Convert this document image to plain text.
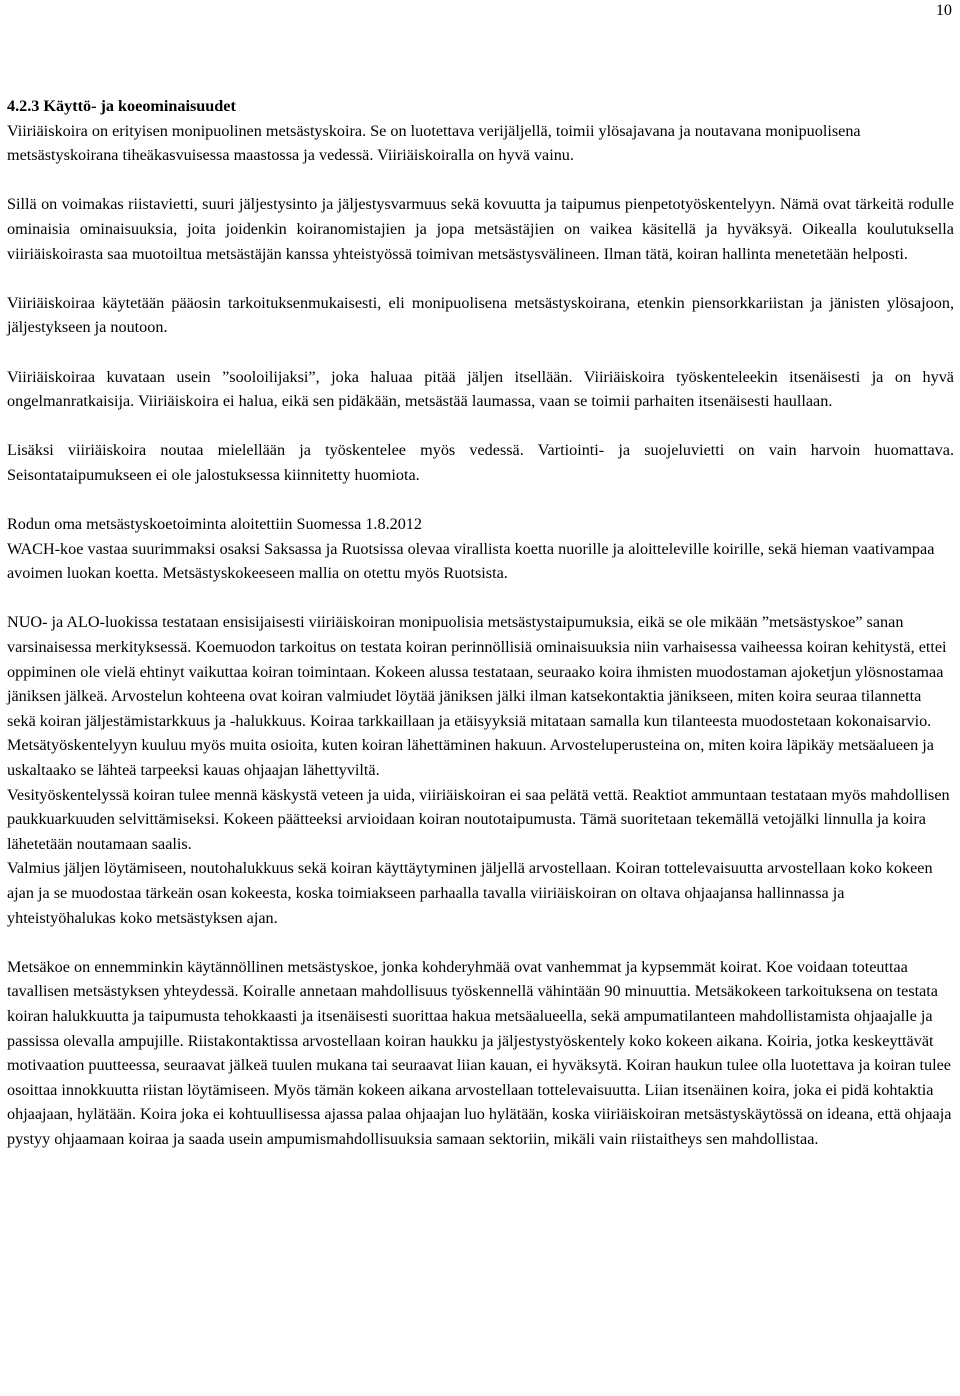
10

4.2.3 Käyttö- ja koeominaisuudet

Viiriäiskoira on erityisen monipuolinen metsästyskoira. Se on luotettava verijäljellä, toimii ylösajavana ja noutavana monipuolisena metsästyskoirana tiheäkasvuisessa maastossa ja vedessä. Viiriäiskoiralla on hyvä vainu.

Sillä on voimakas riistavietti, suuri jäljestysinto ja jäljestysvarmuus sekä kovuutta ja taipumus pienpetotyöskentelyyn. Nämä ovat tärkeitä rodulle ominaisia ominaisuuksia, joita joidenkin koiranomistajien ja jopa metsästäjien on vaikea käsitellä ja hyväksyä. Oikealla koulutuksella viiriäiskoirasta saa muotoiltua metsästäjän kanssa yhteistyössä toimivan metsästysvälineen. Ilman tätä, koiran hallinta menetetään helposti.

Viiriäiskoiraa käytetään pääosin tarkoituksenmukaisesti, eli monipuolisena metsästyskoirana, etenkin piensorkkariistan ja jänisten ylösajoon, jäljestykseen ja noutoon.

Viiriäiskoiraa kuvataan usein ”sooloilijaksi”, joka haluaa pitää jäljen itsellään. Viiriäiskoira työskenteleekin itsenäisesti ja on hyvä ongelmanratkaisija. Viiriäiskoira ei halua, eikä sen pidäkään, metsästää laumassa, vaan se toimii parhaiten itsenäisesti haullaan.

Lisäksi viiriäiskoira noutaa mielellään ja työskentelee myös vedessä. Vartiointi- ja suojeluvietti on vain harvoin huomattava. Seisontataipumukseen ei ole jalostuksessa kiinnitetty huomiota.

Rodun oma metsästyskoetoiminta aloitettiin Suomessa 1.8.2012

WACH-koe vastaa suurimmaksi osaksi Saksassa ja Ruotsissa olevaa virallista koetta nuorille ja aloitteleville koirille, sekä hieman vaativampaa avoimen luokan koetta. Metsästyskokeeseen mallia on otettu myös Ruotsista.

NUO- ja ALO-luokissa testataan ensisijaisesti viiriäiskoiran monipuolisia metsästystaipumuksia, eikä se ole mikään ”metsästyskoe” sanan varsinaisessa merkityksessä. Koemuodon tarkoitus on testata koiran perinnöllisiä ominaisuuksia niin varhaisessa vaiheessa koiran kehitystä, ettei oppiminen ole vielä ehtinyt vaikuttaa koiran toimintaan. Kokeen alussa testataan, seuraako koira ihmisten muodostaman ajoketjun ylösnostamaa jäniksen jälkeä. Arvostelun kohteena ovat koiran valmiudet löytää jäniksen jälki ilman katsekontaktia jänikseen, miten koira seuraa tilannetta sekä koiran jäljestämistarkkuus ja -halukkuus. Koiraa tarkkaillaan ja etäisyyksiä mitataan samalla kun tilanteesta muodostetaan kokonaisarvio.

Metsätyöskentelyyn kuuluu myös muita osioita, kuten koiran lähettäminen hakuun. Arvosteluperusteina on, miten koira läpikäy metsäalueen ja uskaltaako se lähteä tarpeeksi kauas ohjaajan lähettyviltä.

Vesityöskentelyssä koiran tulee mennä käskystä veteen ja uida, viiriäiskoiran ei saa pelätä vettä. Reaktiot ammuntaan testataan myös mahdollisen paukkuarkuuden selvittämiseksi. Kokeen päätteeksi arvioidaan koiran noutotaipumusta. Tämä suoritetaan tekemällä vetojälki linnulla ja koira lähetetään noutamaan saalis.

Valmius jäljen löytämiseen, noutohalukkuus sekä koiran käyttäytyminen jäljellä arvostellaan. Koiran tottelevaisuutta arvostellaan koko kokeen ajan ja se muodostaa tärkeän osan kokeesta, koska toimiakseen parhaalla tavalla viiriäiskoiran on oltava ohjaajansa hallinnassa ja yhteistyöhalukas koko metsästyksen ajan.

Metsäkoe on ennemminkin käytännöllinen metsästyskoe, jonka kohderyhmää ovat vanhemmat ja kypsemmät koirat. Koe voidaan toteuttaa tavallisen metsästyksen yhteydessä. Koiralle annetaan mahdollisuus työskennellä vähintään 90 minuuttia. Metsäkokeen tarkoituksena on testata koiran halukkuutta ja taipumusta tehokkaasti ja itsenäisesti suorittaa hakua metsäalueella, sekä ampumatilanteen mahdollistamista ohjaajalle ja passissa olevalla ampujille. Riistakontaktissa arvostellaan koiran haukku ja jäljestystyöskentely koko kokeen aikana. Koiria, jotka keskeyttävät motivaation puutteessa, seuraavat jälkeä tuulen mukana tai seuraavat liian kauan, ei hyväksytä. Koiran haukun tulee olla luotettava ja koiran tulee osoittaa innokkuutta riistan löytämiseen. Myös tämän kokeen aikana arvostellaan tottelevaisuutta. Liian itsenäinen koira, joka ei pidä kohtaktia ohjaajaan, hylätään. Koira joka ei kohtuullisessa ajassa palaa ohjaajan luo hylätään, koska viiriäiskoiran metsästyskäytössä on ideana, että ohjaaja pystyy ohjaamaan koiraa ja saada usein ampumismahdollisuuksia samaan sektoriin, mikäli vain riistaitheys sen mahdollistaa.
